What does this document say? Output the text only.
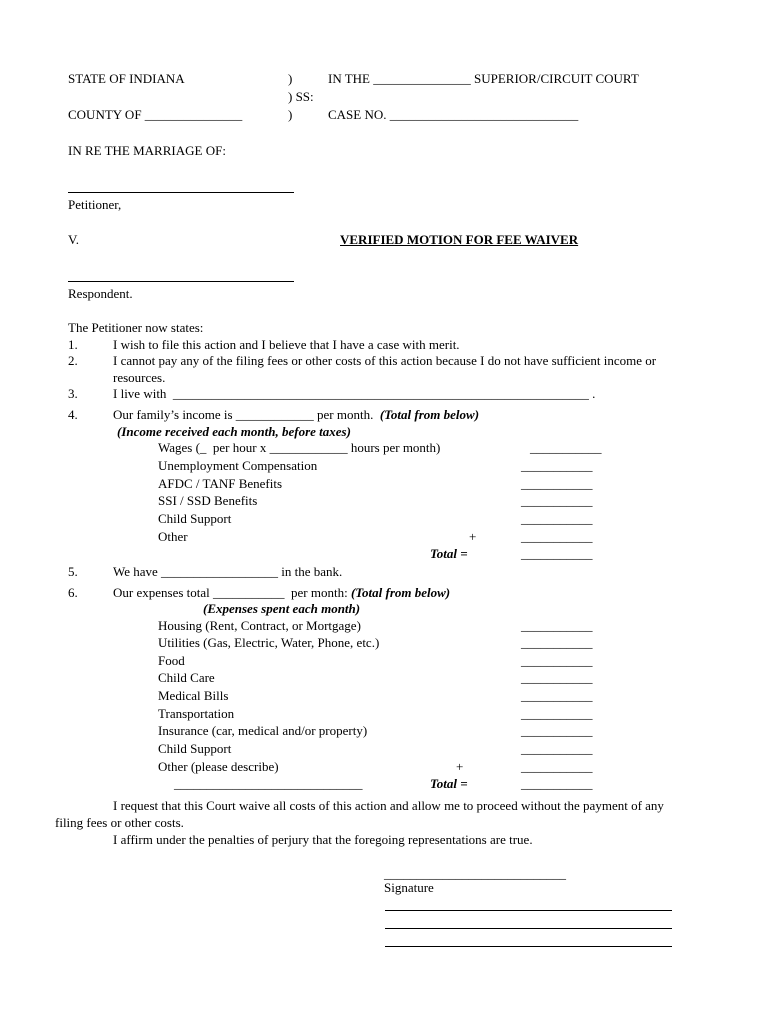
STATE OF INDIANA	)
) SS:
)
IN THE _______________ SUPERIOR/CIRCUIT COURT
COUNTY OF _______________	CASE NO. _____________________________
IN RE THE MARRIAGE OF:
Petitioner,
V.	VERIFIED MOTION FOR FEE WAIVER
Respondent.
The Petitioner now states:
1.	I wish to file this action and I believe that I have a case with merit.
2.	I cannot pay any of the filing fees or other costs of this action because I do not have sufficient income or
resources.
3.	I live with  ________________________________________________________________ .
4.	Our family’s income is ____________ per month. (Total from below)
(Income received each month, before taxes)
Wages (_  per hour x ____________ hours per month)	___________
Unemployment Compensation	___________
AFDC / TANF Benefits	___________
SSI / SSD Benefits	___________
Child Support	___________
Other	+	___________
Total =	___________
5.	We have __________________ in the bank.
6.	Our expenses total ___________  per month: (Total from below)
(Expenses spent each month)
Housing (Rent, Contract, or Mortgage)	___________
Utilities (Gas, Electric, Water, Phone, etc.)	___________
Food	___________
Child Care	___________
Medical Bills	___________
Transportation	___________
Insurance (car, medical and/or property)	___________
Child Support	___________
Other (please describe)	+	___________
_____________________________	Total =	___________
I request that this Court waive all costs of this action and allow me to proceed without the payment of any
filing fees or other costs.
I affirm under the penalties of perjury that the foregoing representations are true.
____________________________
Signature
